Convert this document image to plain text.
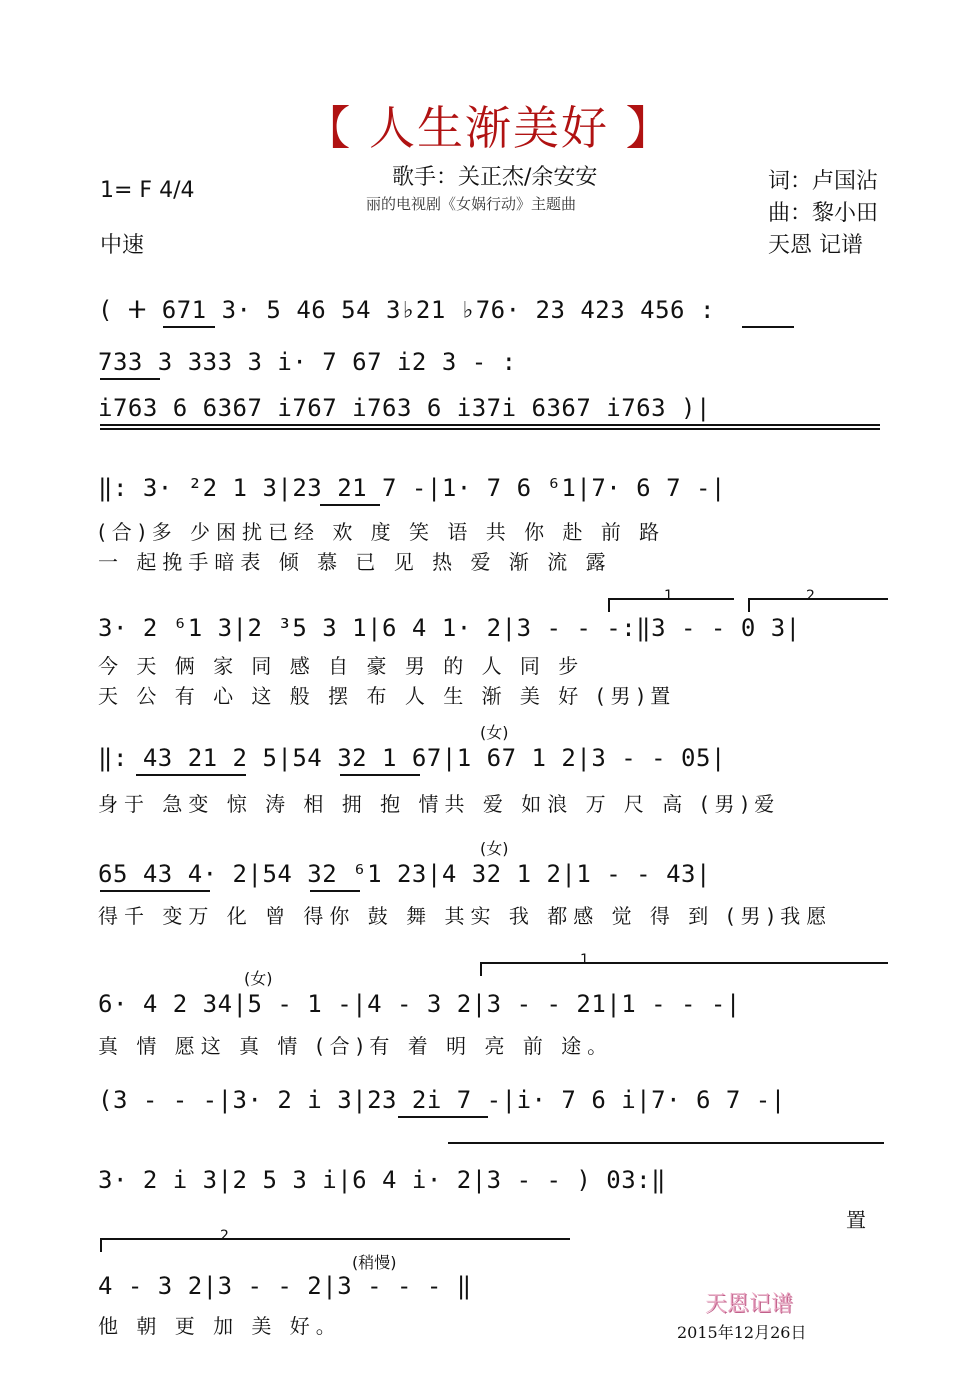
【 人生渐美好 】
歌手：关正杰/余安安
丽的电视剧《女娲行动》主题曲
词：卢国沾
曲：黎小田
天恩 记谱
1= F 4/4
中速
( ⵜ 671 3· 5 46 54 3♭21 ♭76· 23 423 456 :
733 3 333 3 i· 7 67 i2 3 - :
i763 6 6367 i767 i763 6 i37i 6367 i763 )|
‖: 3· ²2 1 3|23 21 7 -|1· 7 6 ⁶1|7· 6 7 -|
(合)多 少困扰已经 欢 度 笑 语 共 你 赴 前 路
一 起挽手暗表 倾 慕 已 见 热 爱 渐 流 露
1	2
3· 2 ⁶1 3|2 ³5 3 1|6 4 1· 2|3 - - -:‖3 - - 0 3|
今 天 俩 家 同 感 自 豪 男 的 人 同 步
天 公 有 心 这 般 摆 布 人 生 渐 美 好 (男)置
(女)
‖: 43 21 2 5|54 32 1 67|1 67 1 2|3 - - 05|
身于 急变 惊 涛 相 拥 抱 情共 爱 如浪 万 尺 高 (男)爱
(女)
65 43 4· 2|54 32 ⁶1 23|4 32 1 2|1 - - 43|
得千 变万 化 曾 得你 鼓 舞 其实 我 都感 觉 得 到 (男)我愿
1
(女)
6· 4 2 34|5 - 1 -|4 - 3 2|3 - - 21|1 - - -|
真 情 愿这 真 情 (合)有 着 明 亮 前 途。
(3 - - -|3· 2 i 3|23 2i 7 -|i· 7 6 i|7· 6 7 -|
3· 2 i 3|2 5 3 i|6 4 i· 2|3 - - ) 03:‖
置
2
(稍慢)
4 - 3 2|3 - - 2|3 - - - ‖
他 朝 更 加 美 好。
天恩记谱
2015年12月26日
